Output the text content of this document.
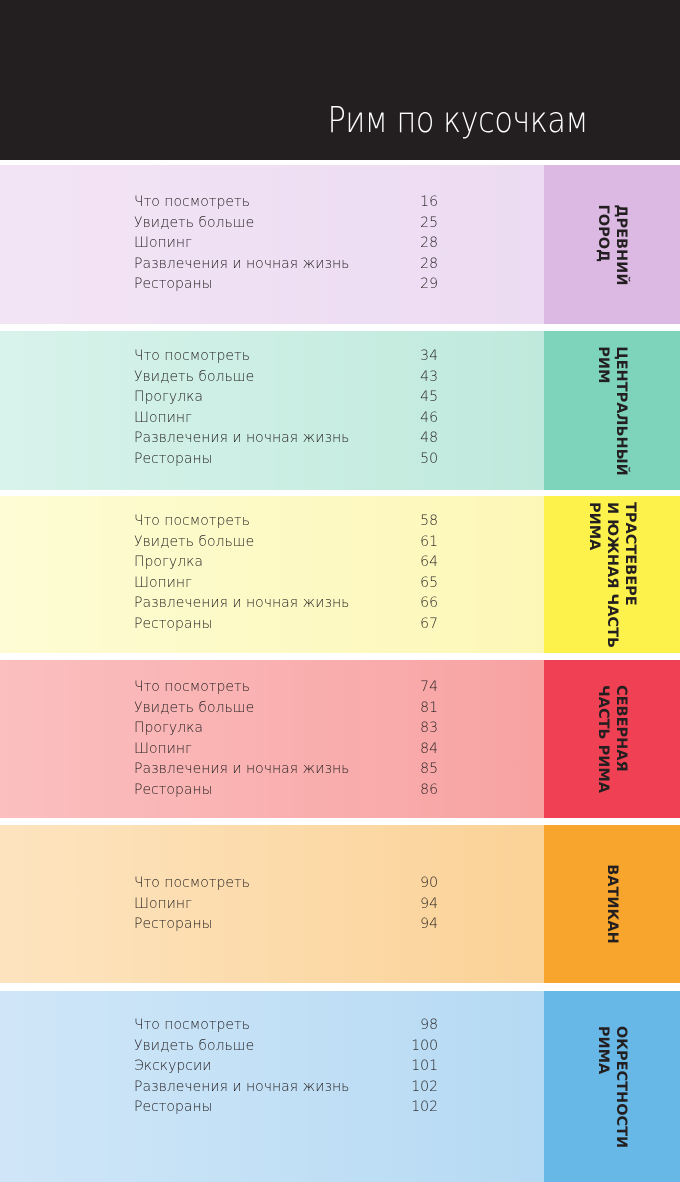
Рим по кусочкам
ДРЕВНИЙ
ГОРОД
Что посмотреть	16
Увидеть больше	25
Шопинг	28
Развлечения и ночная жизнь	28
Рестораны	29
ЦЕНТРАЛЬНЫЙ
РИМ
Что посмотреть	34
Увидеть больше	43
Прогулка	45
Шопинг	46
Развлечения и ночная жизнь	48
Рестораны	50
ТРАСТЕВЕРЕ
И ЮЖНАЯ ЧАСТЬ
РИМА
Что посмотреть	58
Увидеть больше	61
Прогулка	64
Шопинг	65
Развлечения и ночная жизнь	66
Рестораны	67
СЕВЕРНАЯ
ЧАСТЬ РИМА
Что посмотреть	74
Увидеть больше	81
Прогулка	83
Шопинг	84
Развлечения и ночная жизнь	85
Рестораны	86
ВАТИКАН
Что посмотреть	90
Шопинг	94
Рестораны	94
ОКРЕСТНОСТИ
РИМА
Что посмотреть	98
Увидеть больше	100
Экскурсии	101
Развлечения и ночная жизнь	102
Рестораны	102
